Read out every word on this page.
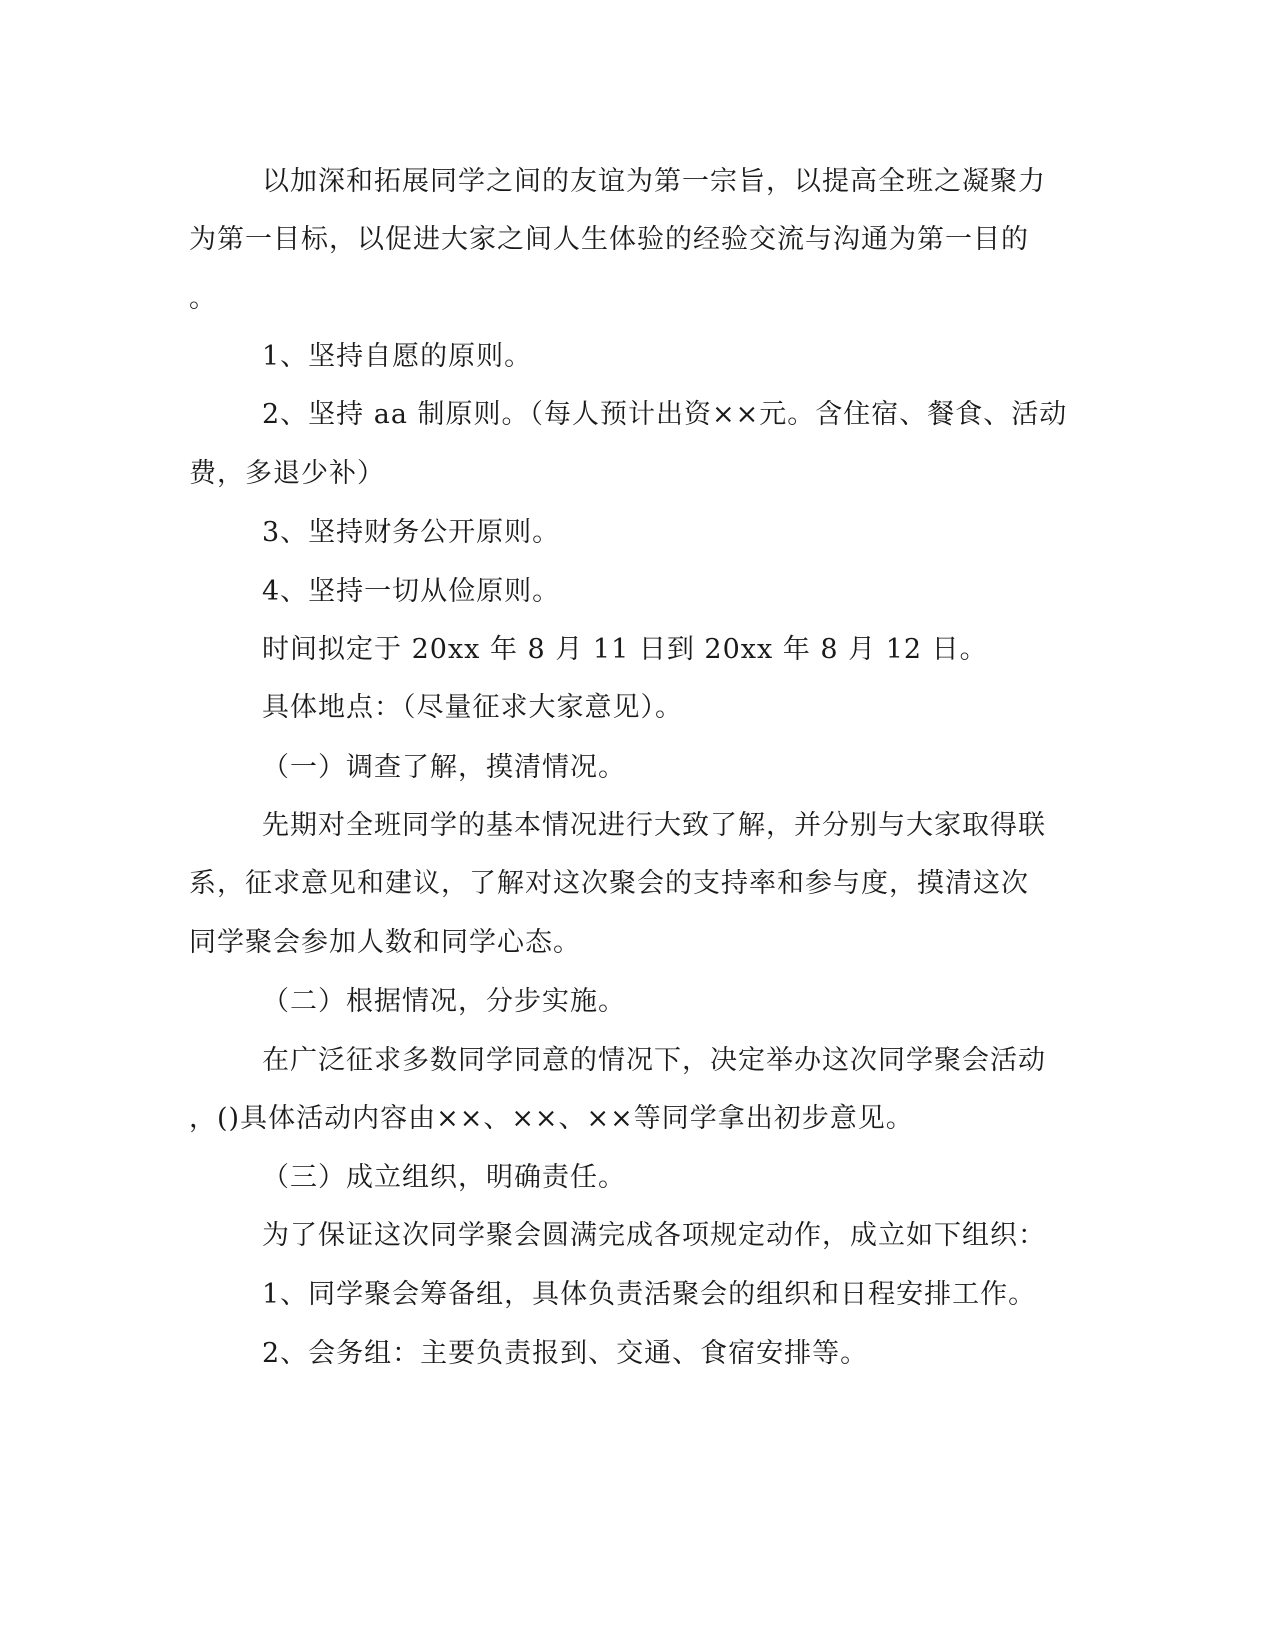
以加深和拓展同学之间的友谊为第一宗旨，以提高全班之凝聚力

为第一目标，以促进大家之间人生体验的经验交流与沟通为第一目的

。

1、坚持自愿的原则。

2、坚持 aa 制原则。（每人预计出资××元。含住宿、餐食、活动

费，多退少补）

3、坚持财务公开原则。

4、坚持一切从俭原则。

时间拟定于 20xx 年 8 月 11 日到 20xx 年 8 月 12 日。

具体地点：（尽量征求大家意见）。

（一）调查了解，摸清情况。

先期对全班同学的基本情况进行大致了解，并分别与大家取得联

系，征求意见和建议，了解对这次聚会的支持率和参与度，摸清这次

同学聚会参加人数和同学心态。

（二）根据情况，分步实施。

在广泛征求多数同学同意的情况下，决定举办这次同学聚会活动

，()具体活动内容由××、××、××等同学拿出初步意见。

（三）成立组织，明确责任。

为了保证这次同学聚会圆满完成各项规定动作，成立如下组织：

1、同学聚会筹备组，具体负责活聚会的组织和日程安排工作。

2、会务组：主要负责报到、交通、食宿安排等。
